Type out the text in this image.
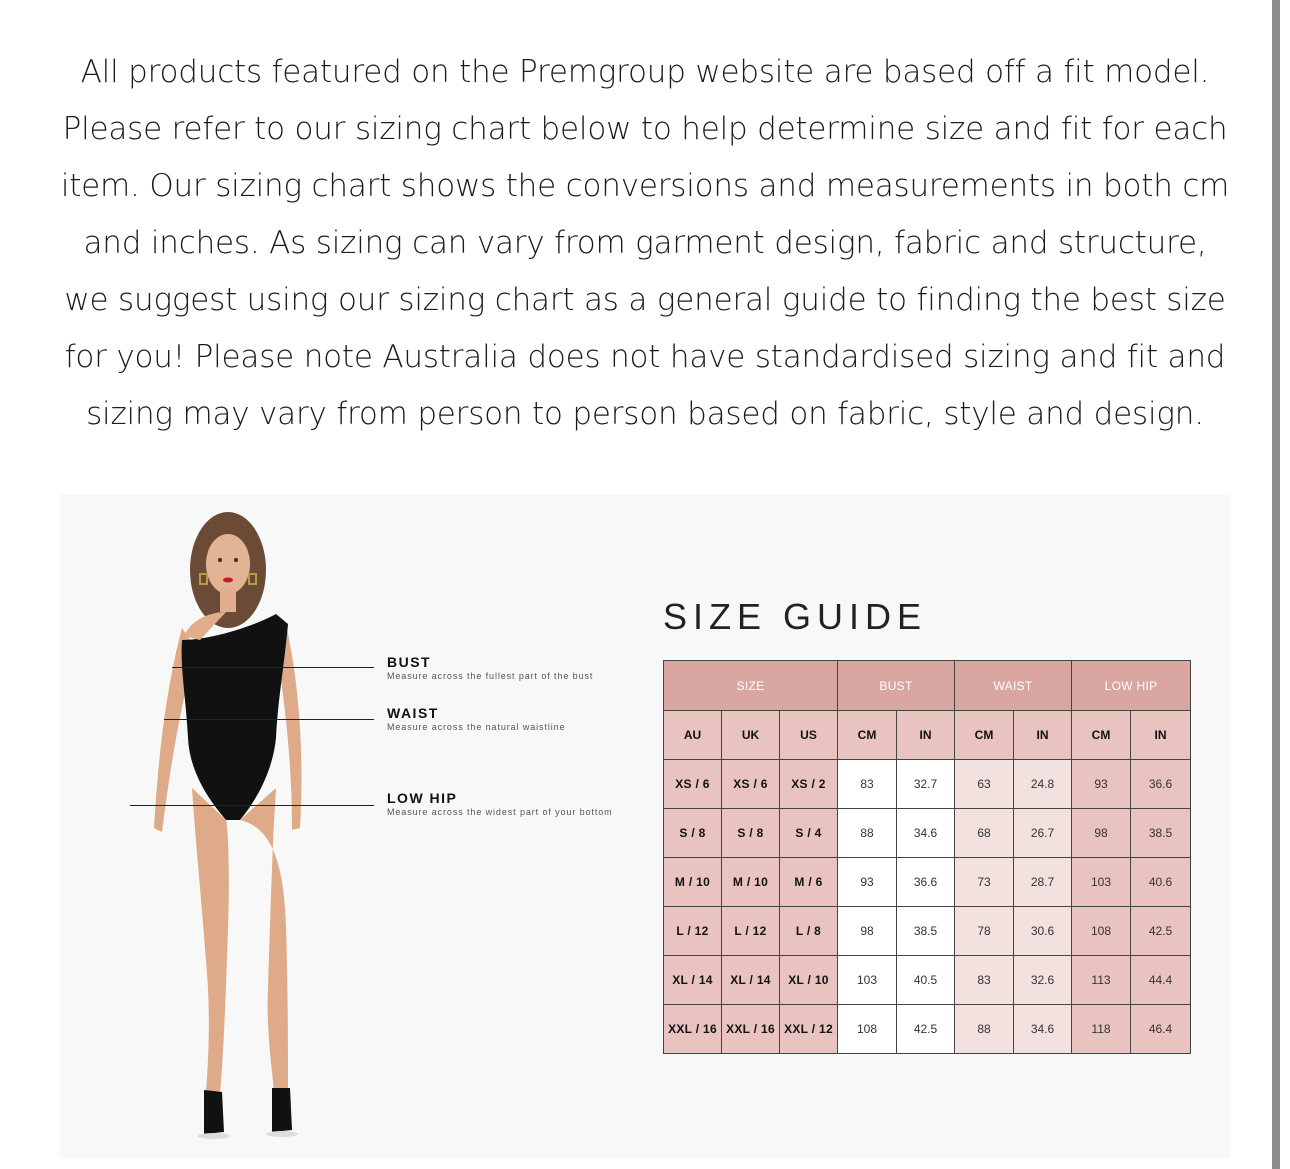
All products featured on the Premgroup website are based off a fit model. Please refer to our sizing chart below to help determine size and fit for each item. Our sizing chart shows the conversions and measurements in both cm and inches. As sizing can vary from garment design, fabric and structure, we suggest using our sizing chart as a general guide to finding the best size for you! Please note Australia does not have standardised sizing and fit and sizing may vary from person to person based on fabric, style and design.

BUST
Measure across the fullest part of the bust
WAIST
Measure across the natural waistline
LOW HIP
Measure across the widest part of your bottom
SIZE GUIDE
SIZE			BUST		WAIST		LOW HIP	
AU	UK	US	CM	IN	CM	IN	CM	IN
XS / 6	XS / 6	XS / 2	83	32.7	63	24.8	93	36.6
S / 8	S / 8	S / 4	88	34.6	68	26.7	98	38.5
M / 10	M / 10	M / 6	93	36.6	73	28.7	103	40.6
L / 12	L / 12	L / 8	98	38.5	78	30.6	108	42.5
XL / 14	XL / 14	XL / 10	103	40.5	83	32.6	113	44.4
XXL / 16	XXL / 16	XXL / 12	108	42.5	88	34.6	118	46.4
